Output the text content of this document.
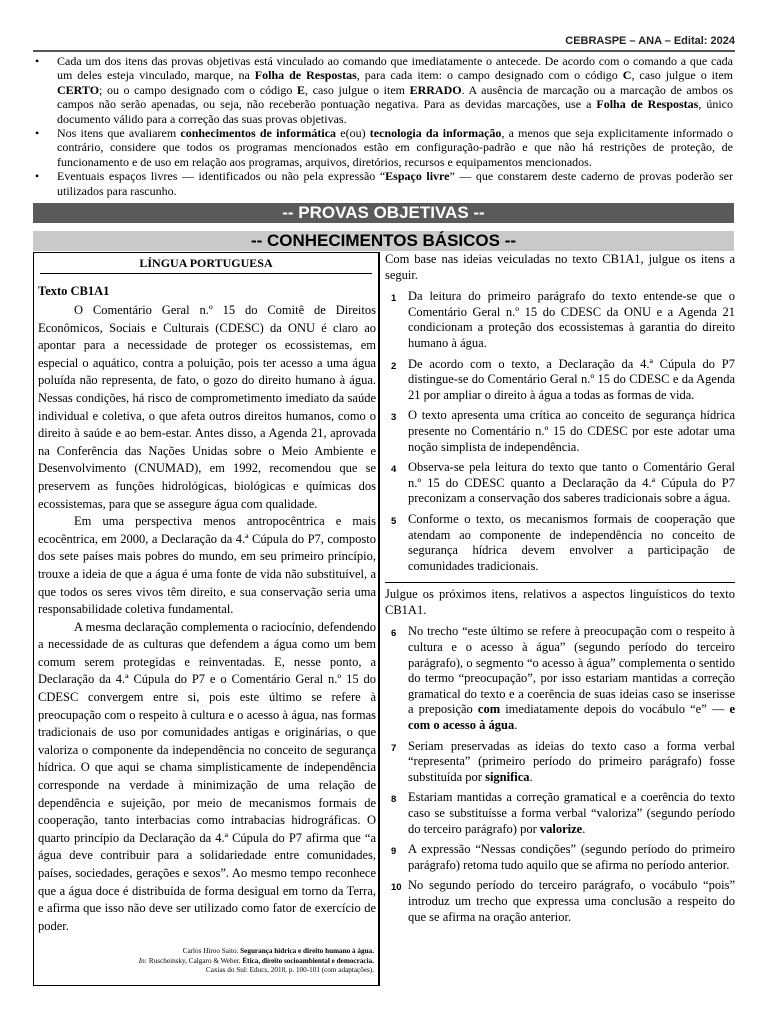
CEBRASPE – ANA – Edital: 2024
•	Cada um dos itens das provas objetivas está vinculado ao comando que imediatamente o antecede. De acordo com o comando a que cada um deles esteja vinculado, marque, na Folha de Respostas, para cada item: o campo designado com o código C, caso julgue o item CERTO; ou o campo designado com o código E, caso julgue o item ERRADO. A ausência de marcação ou a marcação de ambos os campos não serão apenadas, ou seja, não receberão pontuação negativa. Para as devidas marcações, use a Folha de Respostas, único documento válido para a correção das suas provas objetivas.
•	Nos itens que avaliarem conhecimentos de informática e(ou) tecnologia da informação, a menos que seja explicitamente informado o contrário, considere que todos os programas mencionados estão em configuração-padrão e que não há restrições de proteção, de funcionamento e de uso em relação aos programas, arquivos, diretórios, recursos e equipamentos mencionados.
•	Eventuais espaços livres — identificados ou não pela expressão “Espaço livre” — que constarem deste caderno de provas poderão ser utilizados para rascunho.
-- PROVAS OBJETIVAS --
-- CONHECIMENTOS BÁSICOS --
LÍNGUA PORTUGUESA
Texto CB1A1

O Comentário Geral n.º 15 do Comitê de Direitos Econômicos, Sociais e Culturais (CDESC) da ONU é claro ao apontar para a necessidade de proteger os ecossistemas, em especial o aquático, contra a poluição, pois ter acesso a uma água poluída não representa, de fato, o gozo do direito humano à água. Nessas condições, há risco de comprometimento imediato da saúde individual e coletiva, o que afeta outros direitos humanos, como o direito à saúde e ao bem-estar. Antes disso, a Agenda 21, aprovada na Conferência das Nações Unidas sobre o Meio Ambiente e Desenvolvimento (CNUMAD), em 1992, recomendou que se preservem as funções hidrológicas, biológicas e químicas dos ecossistemas, para que se assegure água com qualidade.

Em uma perspectiva menos antropocêntrica e mais ecocêntrica, em 2000, a Declaração da 4.ª Cúpula do P7, composto dos sete países mais pobres do mundo, em seu primeiro princípio, trouxe a ideia de que a água é uma fonte de vida não substituível, a que todos os seres vivos têm direito, e sua conservação seria uma responsabilidade coletiva fundamental.

A mesma declaração complementa o raciocínio, defendendo a necessidade de as culturas que defendem a água como um bem comum serem protegidas e reinventadas. E, nesse ponto, a Declaração da 4.ª Cúpula do P7 e o Comentário Geral n.º 15 do CDESC convergem entre si, pois este último se refere à preocupação com o respeito à cultura e o acesso à água, nas formas tradicionais de uso por comunidades antigas e originárias, o que valoriza o componente da independência no conceito de segurança hídrica. O que aqui se chama simplisticamente de independência corresponde na verdade à minimização de uma relação de dependência e sujeição, por meio de mecanismos formais de cooperação, tanto interbacias como intrabacias hidrográficas. O quarto princípio da Declaração da 4.ª Cúpula do P7 afirma que “a água deve contribuir para a solidariedade entre comunidades, países, sociedades, gerações e sexos”. Ao mesmo tempo reconhece que a água doce é distribuída de forma desigual em torno da Terra, e afirma que isso não deve ser utilizado como fator de exercício de poder.

Carlos Hiroo Saito. Segurança hídrica e direito humano à água.
In: Ruscheinsky, Calgaro & Weber. Ética, direito socioambiental e democracia.
Caxias do Sul: Educs, 2018, p. 100-101 (com adaptações).

Com base nas ideias veiculadas no texto CB1A1, julgue os itens a seguir.

1 Da leitura do primeiro parágrafo do texto entende-se que o Comentário Geral n.º 15 do CDESC da ONU e a Agenda 21 condicionam a proteção dos ecossistemas à garantia do direito humano à água.
2 De acordo com o texto, a Declaração da 4.ª Cúpula do P7 distingue-se do Comentário Geral n.º 15 do CDESC e da Agenda 21 por ampliar o direito à água a todas as formas de vida.
3 O texto apresenta uma crítica ao conceito de segurança hídrica presente no Comentário n.º 15 do CDESC por este adotar uma noção simplista de independência.
4 Observa-se pela leitura do texto que tanto o Comentário Geral n.º 15 do CDESC quanto a Declaração da 4.ª Cúpula do P7 preconizam a conservação dos saberes tradicionais sobre a água.
5 Conforme o texto, os mecanismos formais de cooperação que atendam ao componente de independência no conceito de segurança hídrica devem envolver a participação de comunidades tradicionais.

Julgue os próximos itens, relativos a aspectos linguísticos do texto CB1A1.

6 No trecho “este último se refere à preocupação com o respeito à cultura e o acesso à água” (segundo período do terceiro parágrafo), o segmento “o acesso à água” complementa o sentido do termo “preocupação”, por isso estariam mantidas a correção gramatical do texto e a coerência de suas ideias caso se inserisse a preposição com imediatamente depois do vocábulo “e” — e com o acesso à água.
7 Seriam preservadas as ideias do texto caso a forma verbal “representa” (primeiro período do primeiro parágrafo) fosse substituída por significa.
8 Estariam mantidas a correção gramatical e a coerência do texto caso se substituísse a forma verbal “valoriza” (segundo período do terceiro parágrafo) por valorize.
9 A expressão “Nessas condições” (segundo período do primeiro parágrafo) retoma tudo aquilo que se afirma no período anterior.
10 No segundo período do terceiro parágrafo, o vocábulo “pois” introduz um trecho que expressa uma conclusão a respeito do que se afirma na oração anterior.
